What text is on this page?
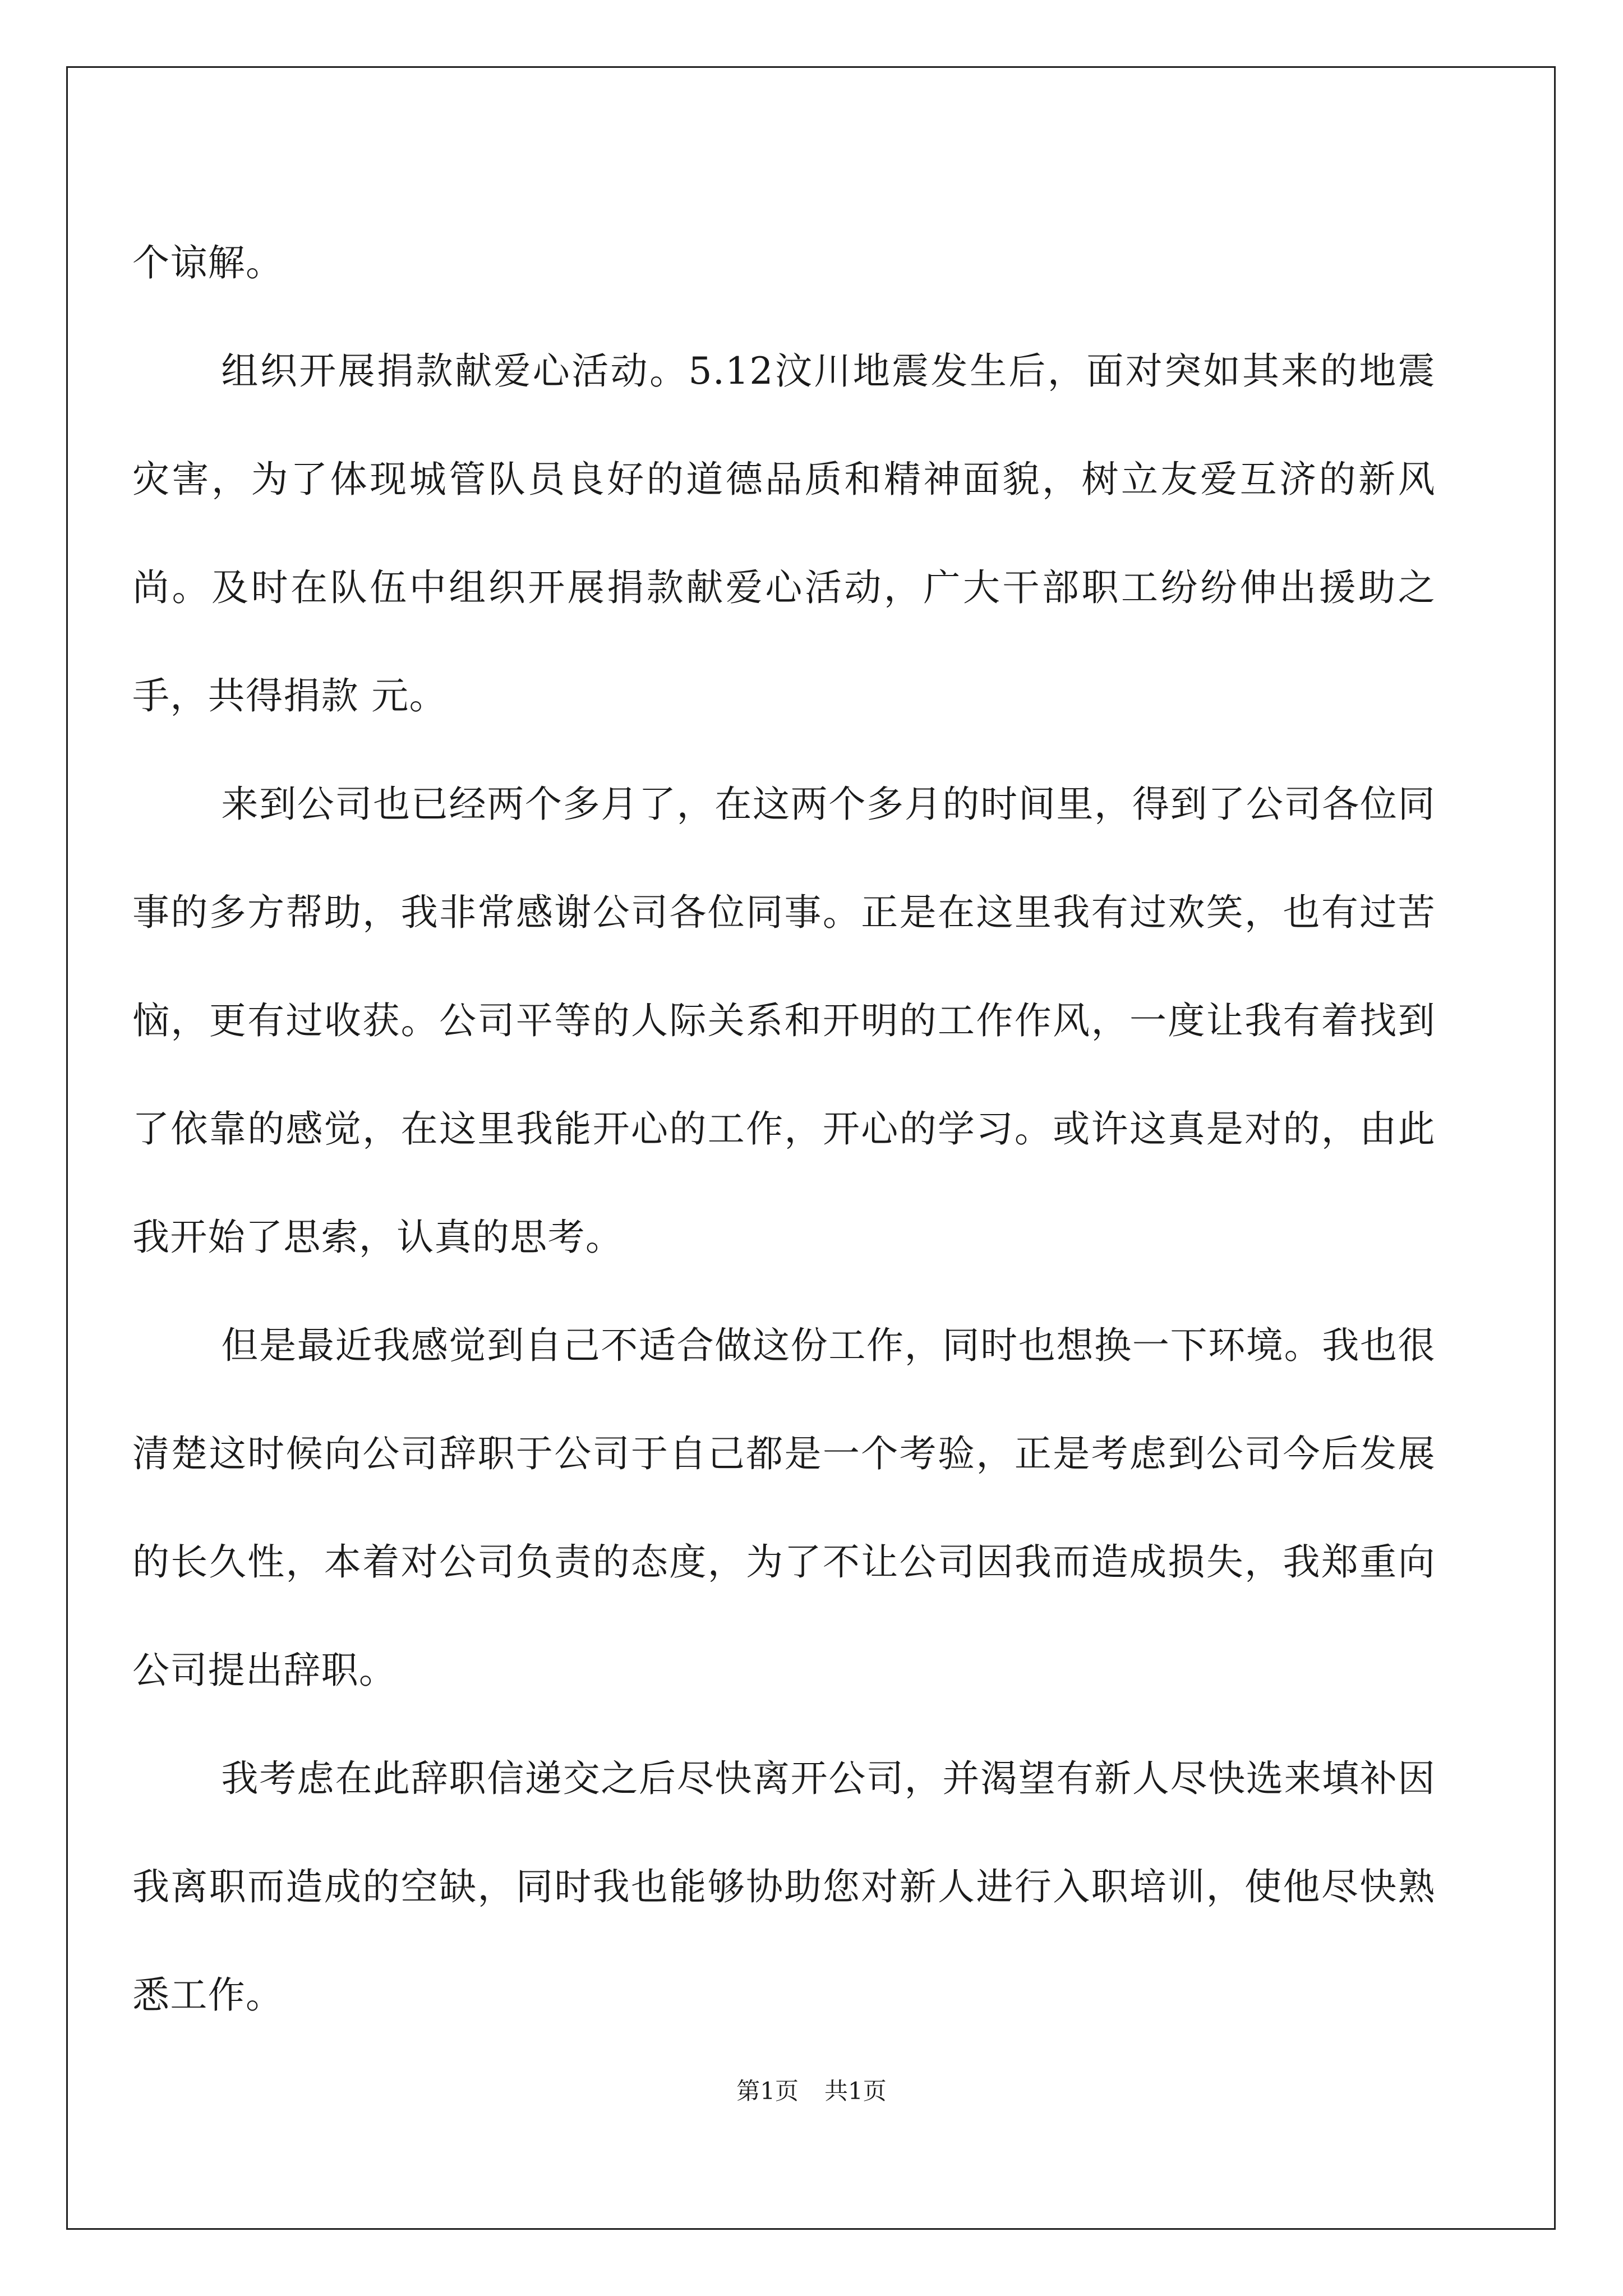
个谅解。

组织开展捐款献爱心活动。5.12汶川地震发生后，面对突如其来的地震灾害，为了体现城管队员良好的道德品质和精神面貌，树立友爱互济的新风尚。及时在队伍中组织开展捐款献爱心活动，广大干部职工纷纷伸出援助之手，共得捐款 元。

来到公司也已经两个多月了，在这两个多月的时间里，得到了公司各位同事的多方帮助，我非常感谢公司各位同事。正是在这里我有过欢笑，也有过苦恼，更有过收获。公司平等的人际关系和开明的工作作风，一度让我有着找到了依靠的感觉，在这里我能开心的工作，开心的学习。或许这真是对的，由此我开始了思索，认真的思考。

但是最近我感觉到自己不适合做这份工作，同时也想换一下环境。我也很清楚这时候向公司辞职于公司于自己都是一个考验，正是考虑到公司今后发展的长久性，本着对公司负责的态度，为了不让公司因我而造成损失，我郑重向公司提出辞职。

我考虑在此辞职信递交之后尽快离开公司，并渴望有新人尽快选来填补因我离职而造成的空缺，同时我也能够协助您对新人进行入职培训，使他尽快熟悉工作。

第1页 共1页
